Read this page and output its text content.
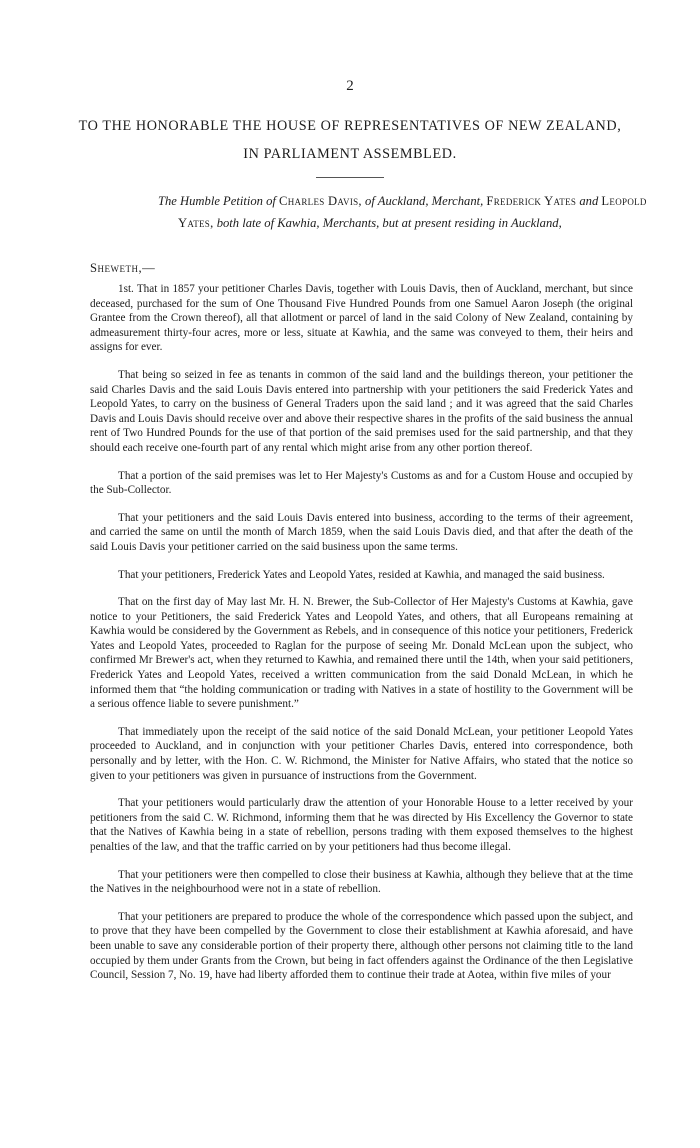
2
TO THE HONORABLE THE HOUSE OF REPRESENTATIVES OF NEW ZEALAND,
IN PARLIAMENT ASSEMBLED.
The Humble Petition of Charles Davis, of Auckland, Merchant, Frederick Yates and Leopold Yates, both late of Kawhia, Merchants, but at present residing in Auckland,
Sheweth,—

1st. That in 1857 your petitioner Charles Davis, together with Louis Davis, then of Auckland, merchant, but since deceased, purchased for the sum of One Thousand Five Hundred Pounds from one Samuel Aaron Joseph (the original Grantee from the Crown thereof), all that allotment or parcel of land in the said Colony of New Zealand, containing by admeasurement thirty-four acres, more or less, situate at Kawhia, and the same was conveyed to them, their heirs and assigns for ever.

That being so seized in fee as tenants in common of the said land and the buildings thereon, your petitioner the said Charles Davis and the said Louis Davis entered into partnership with your petitioners the said Frederick Yates and Leopold Yates, to carry on the business of General Traders upon the said land ; and it was agreed that the said Charles Davis and Louis Davis should receive over and above their respective shares in the profits of the said business the annual rent of Two Hundred Pounds for the use of that portion of the said premises used for the said partnership, and that they should each receive one-fourth part of any rental which might arise from any other portion thereof.

That a portion of the said premises was let to Her Majesty's Customs as and for a Custom House and occupied by the Sub-Collector.

That your petitioners and the said Louis Davis entered into business, according to the terms of their agreement, and carried the same on until the month of March 1859, when the said Louis Davis died, and that after the death of the said Louis Davis your petitioner carried on the said business upon the same terms.

That your petitioners, Frederick Yates and Leopold Yates, resided at Kawhia, and managed the said business.

That on the first day of May last Mr. H. N. Brewer, the Sub-Collector of Her Majesty's Customs at Kawhia, gave notice to your Petitioners, the said Frederick Yates and Leopold Yates, and others, that all Europeans remaining at Kawhia would be considered by the Government as Rebels, and in consequence of this notice your petitioners, Frederick Yates and Leopold Yates, proceeded to Raglan for the purpose of seeing Mr. Donald McLean upon the subject, who confirmed Mr Brewer's act, when they returned to Kawhia, and remained there until the 14th, when your said petitioners, Frederick Yates and Leopold Yates, received a written communication from the said Donald McLean, in which he informed them that “the holding communication or trading with Natives in a state of hostility to the Government will be a serious offence liable to severe punishment.”

That immediately upon the receipt of the said notice of the said Donald McLean, your petitioner Leopold Yates proceeded to Auckland, and in conjunction with your petitioner Charles Davis, entered into correspondence, both personally and by letter, with the Hon. C. W. Richmond, the Minister for Native Affairs, who stated that the notice so given to your petitioners was given in pursuance of instructions from the Government.

That your petitioners would particularly draw the attention of your Honorable House to a letter received by your petitioners from the said C. W. Richmond, informing them that he was directed by His Excellency the Governor to state that the Natives of Kawhia being in a state of rebellion, persons trading with them exposed themselves to the highest penalties of the law, and that the traffic carried on by your petitioners had thus become illegal.

That your petitioners were then compelled to close their business at Kawhia, although they believe that at the time the Natives in the neighbourhood were not in a state of rebellion.

That your petitioners are prepared to produce the whole of the correspondence which passed upon the subject, and to prove that they have been compelled by the Government to close their establishment at Kawhia aforesaid, and have been unable to save any considerable portion of their property there, although other persons not claiming title to the land occupied by them under Grants from the Crown, but being in fact offenders against the Ordinance of the then Legislative Council, Session 7, No. 19, have had liberty afforded them to continue their trade at Aotea, within five miles of your
